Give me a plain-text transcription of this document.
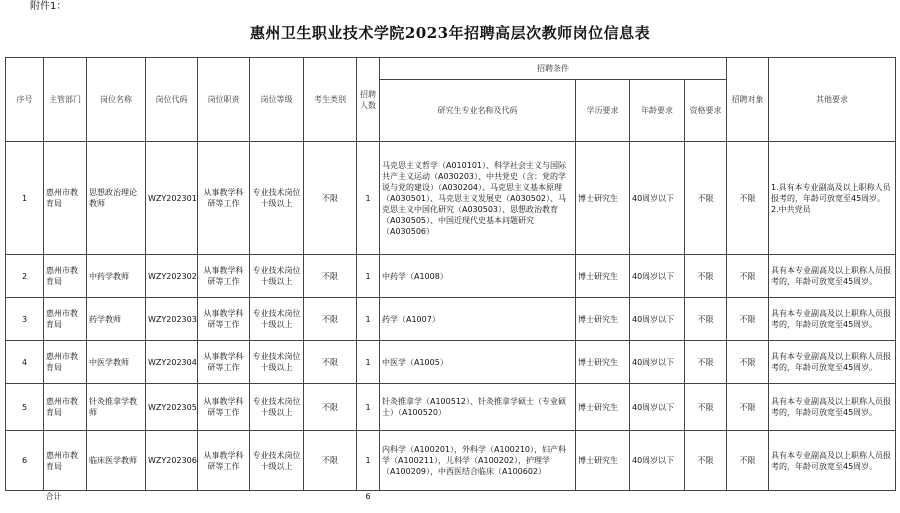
附件1：
惠州卫生职业技术学院2023年招聘高层次教师岗位信息表
序号	主管部门	岗位名称	岗位代码	岗位职责	岗位等级	考生类别	招聘人数	招聘条件				招聘对象	其他要求
								研究生专业名称及代码	学历要求	年龄要求	资格要求		
1	惠州市教育局	思想政治理论教师	WZY202301	从事教学科研等工作	专业技术岗位十级以上	不限	1	马克思主义哲学（A010101）、科学社会主义与国际共产主义运动（A030203）、中共党史（含：党的学说与党的建设）（A030204）、马克思主义基本原理（A030501）、马克思主义发展史（A030502）、马克思主义中国化研究（A030503）、思想政治教育（A030505）、中国近现代史基本问题研究（A030506）	博士研究生	40周岁以下	不限	不限	1.具有本专业副高及以上职称人员报考的，年龄可放宽至45周岁。
2.中共党员
2	惠州市教育局	中药学教师	WZY202302	从事教学科研等工作	专业技术岗位十级以上	不限	1	中药学（A1008）	博士研究生	40周岁以下	不限	不限	具有本专业副高及以上职称人员报考的，年龄可放宽至45周岁。
3	惠州市教育局	药学教师	WZY202303	从事教学科研等工作	专业技术岗位十级以上	不限	1	药学（A1007）	博士研究生	40周岁以下	不限	不限	具有本专业副高及以上职称人员报考的，年龄可放宽至45周岁。
4	惠州市教育局	中医学教师	WZY202304	从事教学科研等工作	专业技术岗位十级以上	不限	1	中医学（A1005）	博士研究生	40周岁以下	不限	不限	具有本专业副高及以上职称人员报考的，年龄可放宽至45周岁。
5	惠州市教育局	针灸推拿学教师	WZY202305	从事教学科研等工作	专业技术岗位十级以上	不限	1	针灸推拿学（A100512）、针灸推拿学硕士（专业硕士）（A100520）	博士研究生	40周岁以下	不限	不限	具有本专业副高及以上职称人员报考的，年龄可放宽至45周岁。
6	惠州市教育局	临床医学教师	WZY202306	从事教学科研等工作	专业技术岗位十级以上	不限	1	内科学（A100201），外科学（A100210），妇产科学（A100211），儿科学（A100202），护理学（A100209），中西医结合临床（A100602）	博士研究生	40周岁以下	不限	不限	具有本专业副高及以上职称人员报考的，年龄可放宽至45周岁。
	合计						6						
